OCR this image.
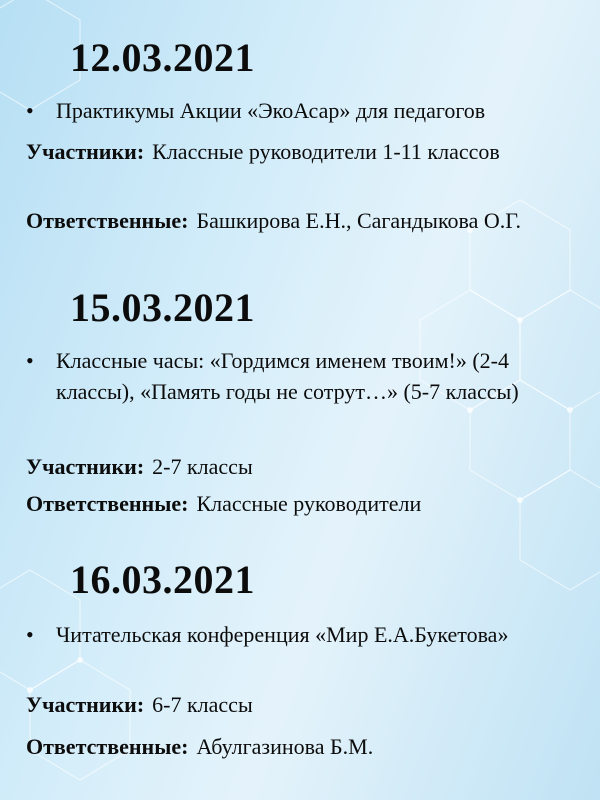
12.03.2021
•	Практикумы Акции «ЭкоАсар» для педагогов
Участники: Классные руководители 1-11 классов
Ответственные: Башкирова Е.Н., Сагандыкова О.Г.
15.03.2021
•	Классные часы: «Гордимся именем твоим!» (2-4 классы), «Память годы не сотрут…» (5-7 классы)
Участники: 2-7 классы
Ответственные: Классные руководители
16.03.2021
•	Читательская конференция «Мир Е.А.Букетова»
Участники: 6-7 классы
Ответственные: Абулгазинова Б.М.
